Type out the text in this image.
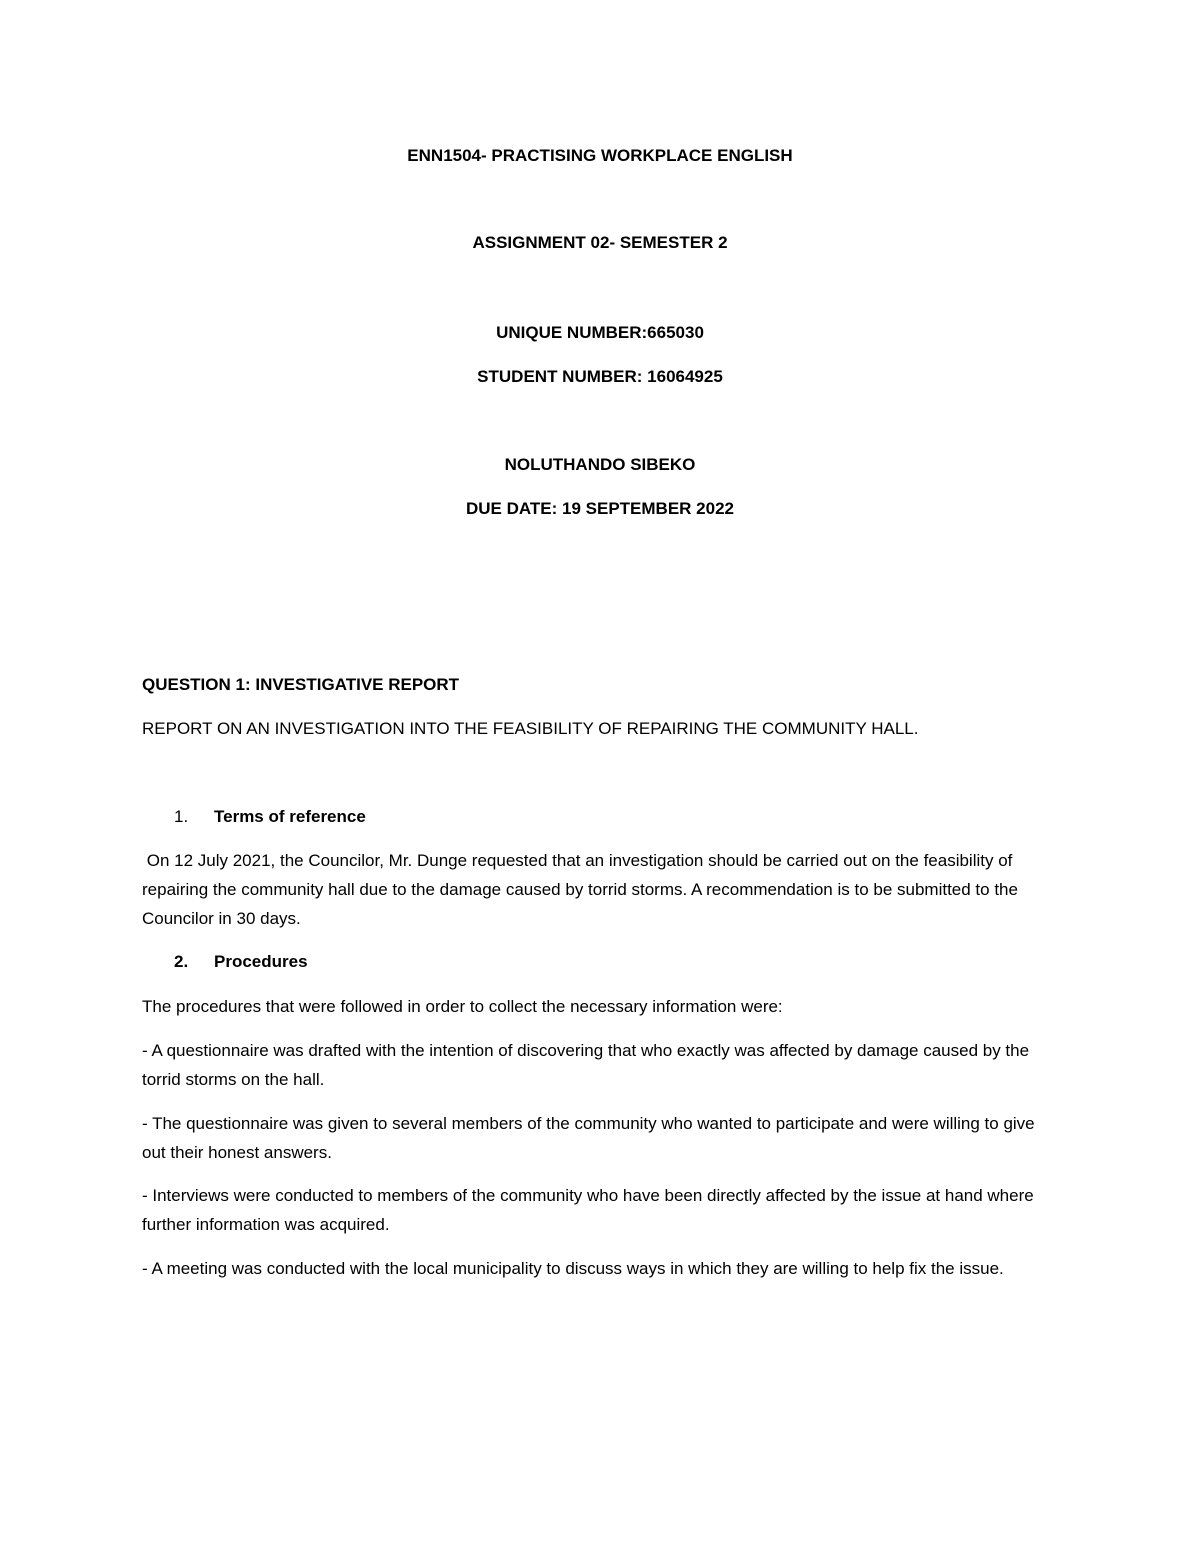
ENN1504- PRACTISING WORKPLACE ENGLISH
ASSIGNMENT 02- SEMESTER 2
UNIQUE NUMBER:665030
STUDENT NUMBER: 16064925
NOLUTHANDO SIBEKO
DUE DATE: 19 SEPTEMBER 2022
QUESTION 1: INVESTIGATIVE REPORT
REPORT ON AN INVESTIGATION INTO THE FEASIBILITY OF REPAIRING THE COMMUNITY HALL.
1. Terms of reference

On 12 July 2021, the Councilor, Mr. Dunge requested that an investigation should be carried out on the feasibility of repairing the community hall due to the damage caused by torrid storms. A recommendation is to be submitted to the Councilor in 30 days.

2. Procedures

The procedures that were followed in order to collect the necessary information were:

- A questionnaire was drafted with the intention of discovering that who exactly was affected by damage caused by the torrid storms on the hall.

- The questionnaire was given to several members of the community who wanted to participate and were willing to give out their honest answers.

- Interviews were conducted to members of the community who have been directly affected by the issue at hand where further information was acquired.

- A meeting was conducted with the local municipality to discuss ways in which they are willing to help fix the issue.
